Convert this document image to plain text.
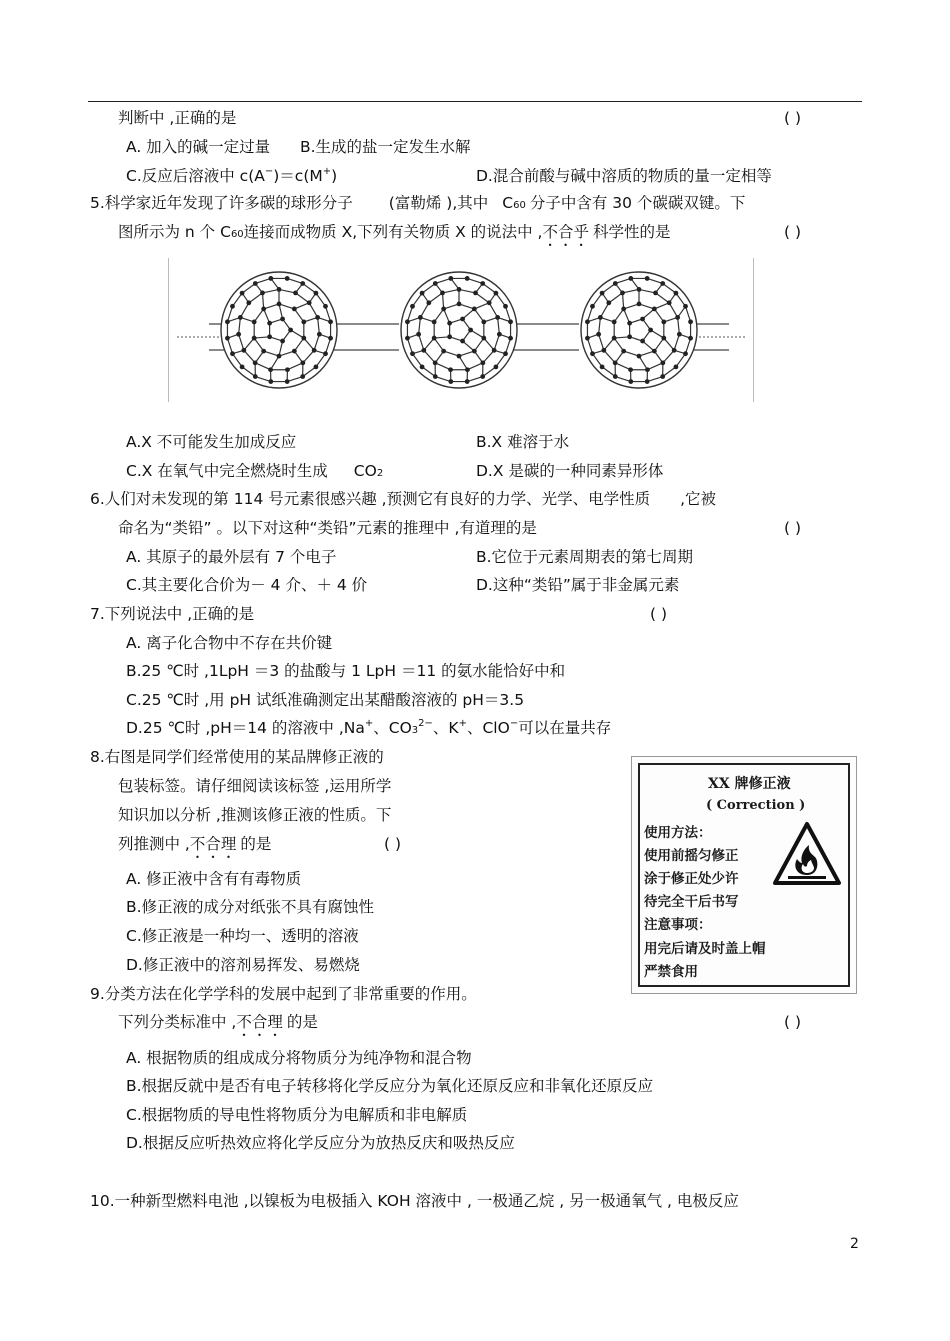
判断中 ,正确的是	( )
A. 加入的碱一定过量 B.生成的盐一定发生水解
C.反应后溶液中 c(A−)＝c(M+)	D.混合前酸与碱中溶质的物质的量一定相等
5.科学家近年发现了许多碳的球形分子 (富勒烯 ),其中 C60 分子中含有 30 个碳碳双键。下
图所示为 n 个 C60连接而成物质 X,下列有关物质 X 的说法中 ,不合乎 科学性的是	( )
A.X 不可能发生加成反应	B.X 难溶于水
C.X 在氧气中完全燃烧时生成 CO2	D.X 是碳的一种同素异形体
6.人们对未发现的第 114 号元素很感兴趣 ,预测它有良好的力学、光学、电学性质 ,它被
命名为“类铅” 。以下对这种“类铅”元素的推理中 ,有道理的是	( )
A. 其原子的最外层有 7 个电子	B.它位于元素周期表的第七周期
C.其主要化合价为－ 4 介、＋ 4 价	D.这种“类铅”属于非金属元素
7.下列说法中 ,正确的是	( )
A. 离子化合物中不存在共价键
B.25 ℃时 ,1LpH ＝3 的盐酸与 1 LpH ＝11 的氨水能恰好中和
C.25 ℃时 ,用 pH 试纸准确测定出某醋酸溶液的 pH＝3.5
D.25 ℃时 ,pH＝14 的溶液中 ,Na+、$CO3^{2-}$、K+、ClO−可以在量共存
8.右图是同学们经常使用的某品牌修正液的
包装标签。请仔细阅读该标签 ,运用所学
知识加以分析 ,推测该修正液的性质。下
列推测中 ,不合理 的是	( )
A. 修正液中含有有毒物质
B.修正液的成分对纸张不具有腐蚀性
C.修正液是一种均一、透明的溶液
D.修正液中的溶剂易挥发、易燃烧
XX 牌修正液
( Correction )
使用方法：
使用前摇匀修正
涂于修正处少许
待完全干后书写
注意事项：
用完后请及时盖上帽
严禁食用
9.分类方法在化学学科的发展中起到了非常重要的作用。
下列分类标准中 ,不合理 的是	( )
A. 根据物质的组成成分将物质分为纯净物和混合物
B.根据反就中是否有电子转移将化学反应分为氧化还原反应和非氧化还原反应
C.根据物质的导电性将物质分为电解质和非电解质
D.根据反应听热效应将化学反应分为放热反庆和吸热反应
10.一种新型燃料电池 ,以镍板为电极插入 KOH 溶液中 , 一极通乙烷 , 另一极通氧气 , 电极反应
2
